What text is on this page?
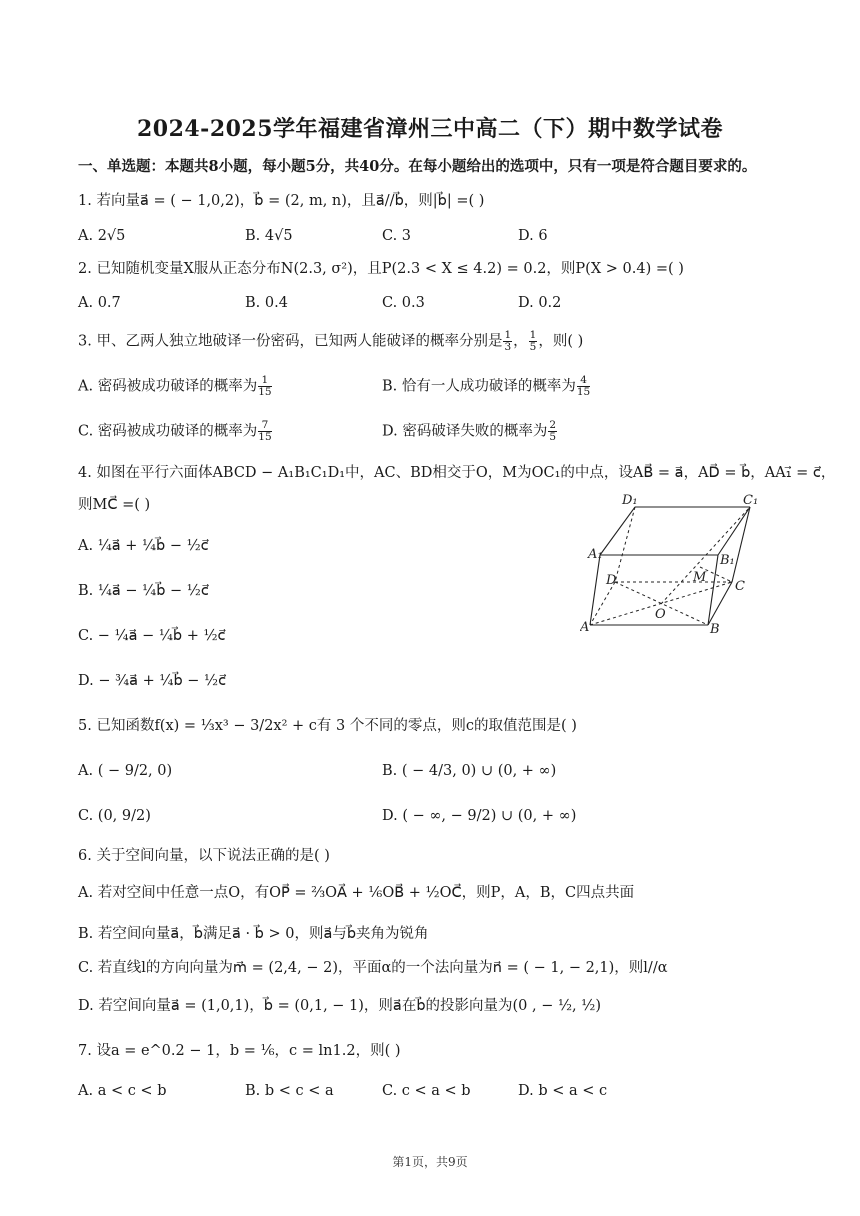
2024-2025学年福建省漳州三中高二（下）期中数学试卷
一、单选题：本题共8小题，每小题5分，共40分。在每小题给出的选项中，只有一项是符合题目要求的。
1. 若向量a⃗ = ( − 1,0,2)，b⃗ = (2, m, n)，且a⃗//b⃗，则|b⃗| =( )
A. 2√5	B. 4√5	C. 3	D. 6
2. 已知随机变量X服从正态分布N(2.3, σ²)，且P(2.3 < X ≤ 4.2) = 0.2，则P(X > 0.4) =( )
A. 0.7	B. 0.4	C. 0.3	D. 0.2
3. 甲、乙两人独立地破译一份密码，已知两人能破译的概率分别是 $\frac{1}{3}$ ， $\frac{1}{5}$ ，则( )
A. 密码被成功破译的概率为 $\frac{1}{15}$	B. 恰有一人成功破译的概率为 $\frac{4}{15}$
C. 密码被成功破译的概率为 $\frac{7}{15}$	D. 密码破译失败的概率为 $\frac{2}{5}$
4. 如图在平行六面体ABCD − A₁B₁C₁D₁中，AC、BD相交于O，M为OC₁的中点，设AB⃗ = a⃗，AD⃗ = b⃗，AA₁⃗ = c⃗，
则MC⃗ =( )
A. ¼a⃗ + ¼b⃗ − ½c⃗
B. ¼a⃗ − ¼b⃗ − ½c⃗
C. − ¼a⃗ − ¼b⃗ + ½c⃗
D. − ¾a⃗ + ¼b⃗ − ½c⃗
D₁	C₁
A₁	B₁
D	C
A	B
O
M
5. 已知函数f(x) = ⅓x³ − 3/2x² + c有 3 个不同的零点，则c的取值范围是( )
A. ( − 9/2, 0)	B. ( − 4/3, 0) ∪ (0, + ∞)
C. (0, 9/2)	D. ( − ∞, − 9/2) ∪ (0, + ∞)
6. 关于空间向量，以下说法正确的是( )
A. 若对空间中任意一点O，有OP⃗ = ⅔OA⃗ + ⅙OB⃗ + ½OC⃗，则P，A，B，C四点共面
B. 若空间向量a⃗，b⃗满足a⃗ · b⃗ > 0，则a⃗与b⃗夹角为锐角
C. 若直线l的方向向量为m⃗ = (2,4, − 2)，平面α的一个法向量为n⃗ = ( − 1, − 2,1)，则l//α
D. 若空间向量a⃗ = (1,0,1)，b⃗ = (0,1, − 1)，则a⃗在b⃗的投影向量为(0 , − ½, ½)
7. 设a = e^0.2 − 1，b = ⅙，c = ln1.2，则( )
A. a < c < b	B. b < c < a	C. c < a < b	D. b < a < c
第1页，共9页
